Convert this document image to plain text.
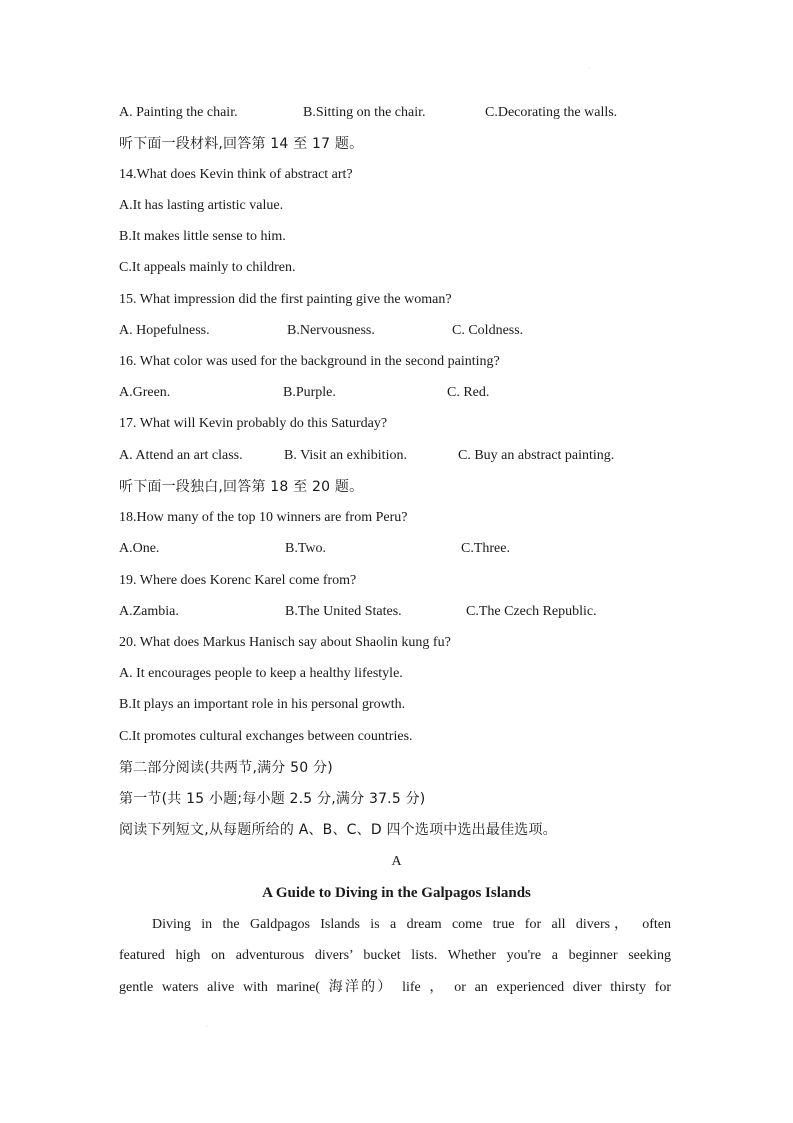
A. Painting the chair.	B.Sitting on the chair.	C.Decorating the walls.
听下面一段材料,回答第 14 至 17 题。
14.What does Kevin think of abstract art?
A.It has lasting artistic value.
B.It makes little sense to him.
C.It appeals mainly to children.
15. What impression did the first painting give the woman?
A. Hopefulness.	B.Nervousness.	C. Coldness.
16. What color was used for the background in the second painting?
A.Green.	B.Purple.	C. Red.
17. What will Kevin probably do this Saturday?
A. Attend an art class.	B. Visit an exhibition.	C. Buy an abstract painting.
听下面一段独白,回答第 18 至 20 题。
18.How many of the top 10 winners are from Peru?
A.One.	B.Two.	C.Three.
19. Where does Korenc Karel come from?
A.Zambia.	B.The United States.	C.The Czech Republic.
20. What does Markus Hanisch say about Shaolin kung fu?
A. It encourages people to keep a healthy lifestyle.
B.It plays an important role in his personal growth.
C.It promotes cultural exchanges between countries.
第二部分阅读(共两节,满分 50 分)
第一节(共 15 小题;每小题 2.5 分,满分 37.5 分)
阅读下列短文,从每题所给的 A、B、C、D 四个选项中选出最佳选项。
A
A Guide to Diving in the Galpagos Islands
Diving in the Galdpagos Islands is a dream come true for all divers， often
featured high on adventurous divers’ bucket lists. Whether you're a beginner seeking
gentle waters alive with marine( 海洋的） life ， or an experienced diver thirsty for
·
·
